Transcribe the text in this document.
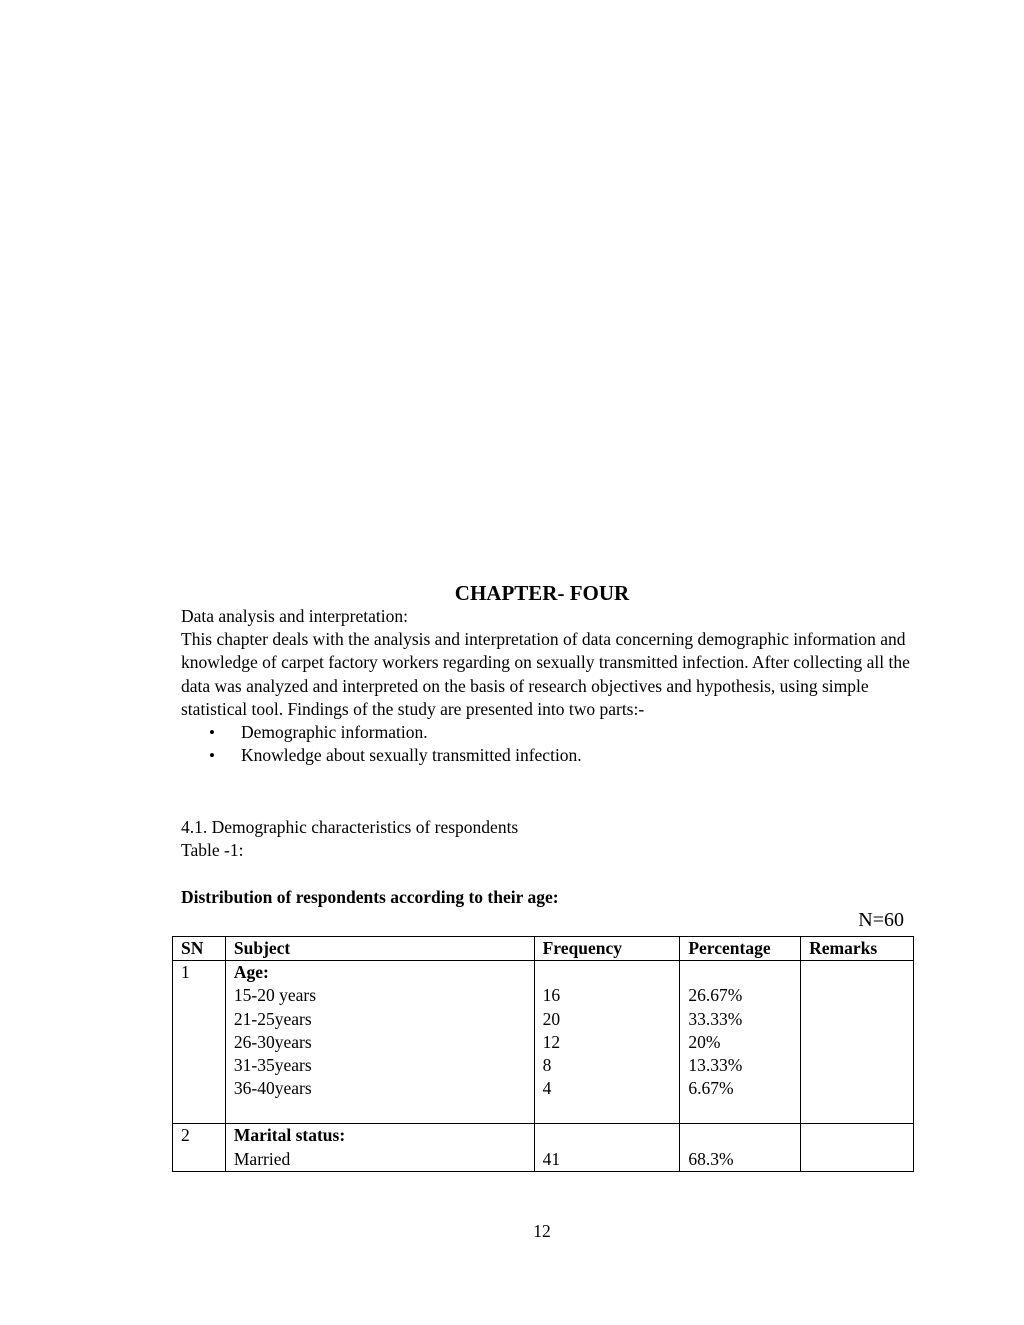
CHAPTER- FOUR

Data analysis and interpretation:

This chapter deals with the analysis and interpretation of data concerning demographic information and knowledge of carpet factory workers regarding on sexually transmitted infection. After collecting all the data was analyzed and interpreted on the basis of research objectives and hypothesis, using simple statistical tool. Findings of the study are presented into two parts:-

• Demographic information.
• Knowledge about sexually transmitted infection.
4.1. Demographic characteristics of respondents
Table -1:
Distribution of respondents according to their age:
N=60
SN	Subject	Frequency	Percentage	Remarks
1	Age:			
	15-20 years	16	26.67%	
	21-25years	20	33.33%	
	26-30years	12	20%	
	31-35years	8	13.33%	
	36-40years	4	6.67%	

2	Marital status:			
	Married	41	68.3%	
12
